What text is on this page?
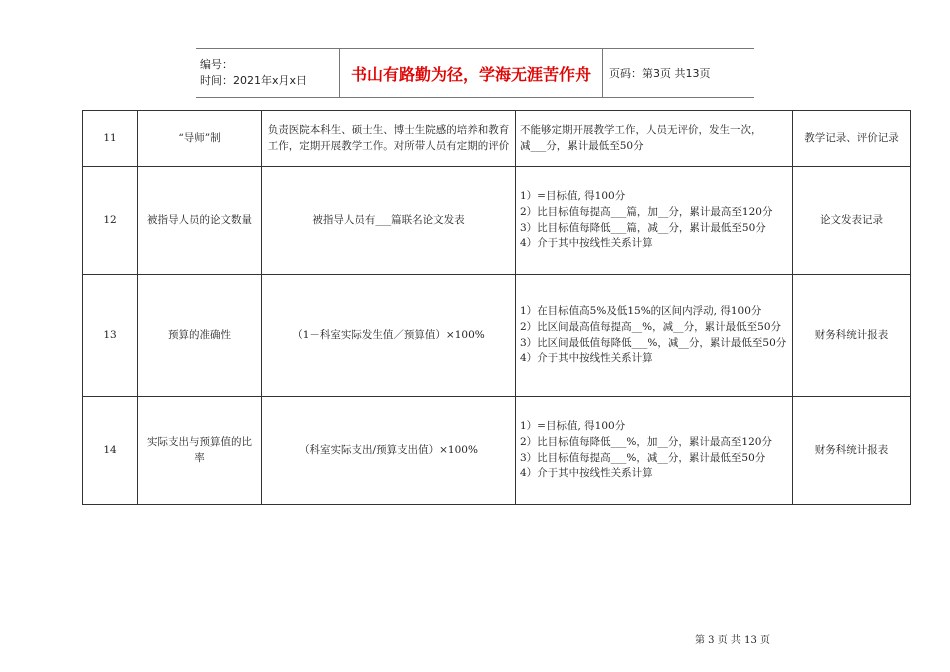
编号：
时间：2021年x月x日	书山有路勤为径，学海无涯苦作舟 页码：第3页 共13页
11	“导师”制	负责医院本科生、硕士生、博士生院感的培养和教育工作，定期开展教学工作。对所带人员有定期的评价	不能够定期开展教学工作，人员无评价，发生一次，
减___分，累计最低至50分	教学记录、评价记录
12	被指导人员的论文数量	被指导人员有___篇联名论文发表	1）=目标值, 得100分
2）比目标值每提高___篇，加__分，累计最高至120分
3）比目标值每降低___篇，减__分，累计最低至50分
4）介于其中按线性关系计算	论文发表记录
13	预算的准确性	（1－科室实际发生值／预算值）×100%	1）在目标值高5%及低15%的区间内浮动, 得100分
2）比区间最高值每提高__%，减__分，累计最低至50分
3）比区间最低值每降低___%，减__分，累计最低至50分
4）介于其中按线性关系计算	财务科统计报表
14	实际支出与预算值的比率	（科室实际支出/预算支出值）×100%	1）=目标值, 得100分
2）比目标值每降低___%，加__分，累计最高至120分
3）比目标值每提高___%，减__分，累计最低至50分
4）介于其中按线性关系计算	财务科统计报表
第 3 页 共 13 页
